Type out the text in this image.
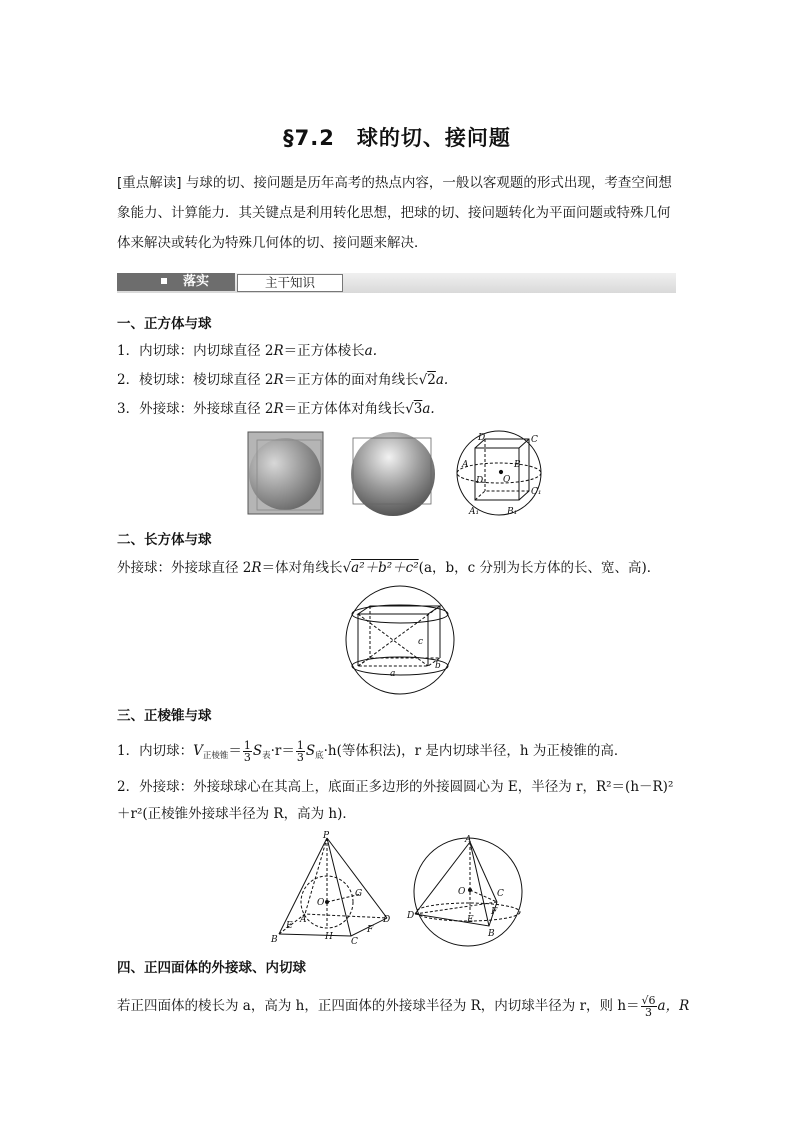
§7.2　球的切、接问题
[重点解读] 与球的切、接问题是历年高考的热点内容，一般以客观题的形式出现，考查空间想象能力、计算能力．其关键点是利用转化思想，把球的切、接问题转化为平面问题或特殊几何体来解决或转化为特殊几何体的切、接问题来解决．
落实	主干知识
一、正方体与球
1．内切球：内切球直径 2R＝正方体棱长a.
2．棱切球：棱切球直径 2R＝正方体的面对角线长√2a.
3．外接球：外接球直径 2R＝正方体体对角线长√3a.
D	C
A	B
O
D₁
C₁
A₁	B₁
二、长方体与球
外接球：外接球直径 2R＝体对角线长√a²＋b²＋c²(a，b，c 分别为长方体的长、宽、高)．
c
b
a
三、正棱锥与球
1．内切球：$V_{正棱锥}= \frac{1}{3} S_表\cdot r= \frac{1}{3} S_底\cdot h$(等体积法)，r 是内切球半径，h 为正棱锥的高．
2．外接球：外接球球心在其高上，底面正多边形的外接圆圆心为 E，半径为 r，R²＝(h－R)²
＋r²(正棱锥外接球半径为 R，高为 h)．
P
G
O
A
E
H
D
B	C
F
A
O	C
D	E
F
B
四、正四面体的外接球、内切球
若正四面体的棱长为 a，高为 h，正四面体的外接球半径为 R，内切球半径为 r，则 $h= \frac{√6}{3}$ a，R
